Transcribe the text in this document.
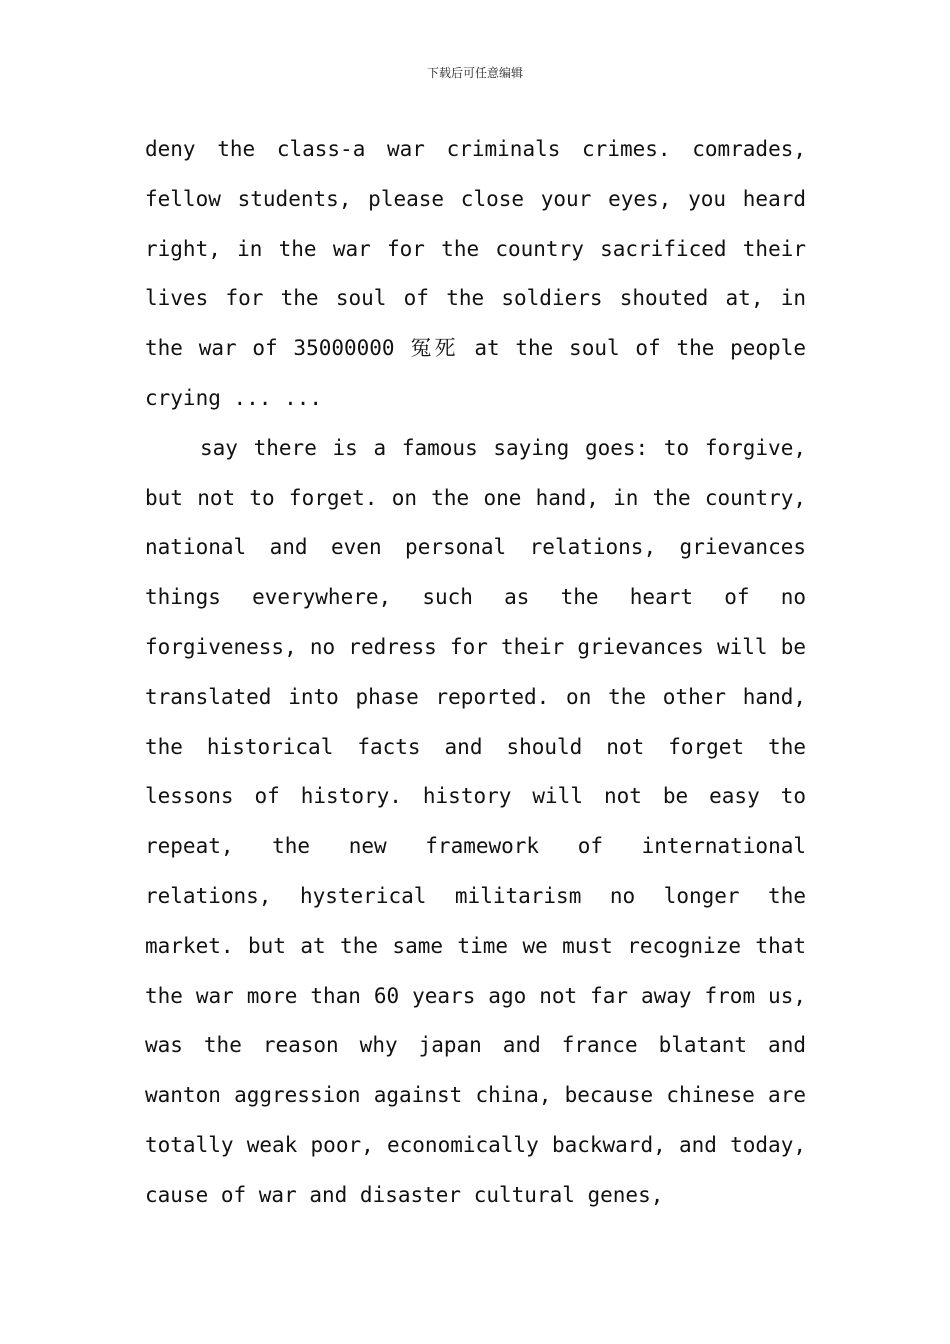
下载后可任意编辑

deny the class-a war criminals crimes. comrades, fellow students, please close your eyes, you heard right, in the war for the country sacrificed their lives for the soul of the soldiers shouted at, in the war of 35000000 冤死 at the soul of the people crying ... ...

say there is a famous saying goes: to forgive, but not to forget. on the one hand, in the country, national and even personal relations, grievances things everywhere, such as the heart of no forgiveness, no redress for their grievances will be translated into phase reported. on the other hand, the historical facts and should not forget the lessons of history. history will not be easy to repeat, the new framework of international relations, hysterical militarism no longer the market. but at the same time we must recognize that the war more than 60 years ago not far away from us, was the reason why japan and france blatant and wanton aggression against china, because chinese are totally weak poor, economically backward, and today, cause of war and disaster cultural genes,
